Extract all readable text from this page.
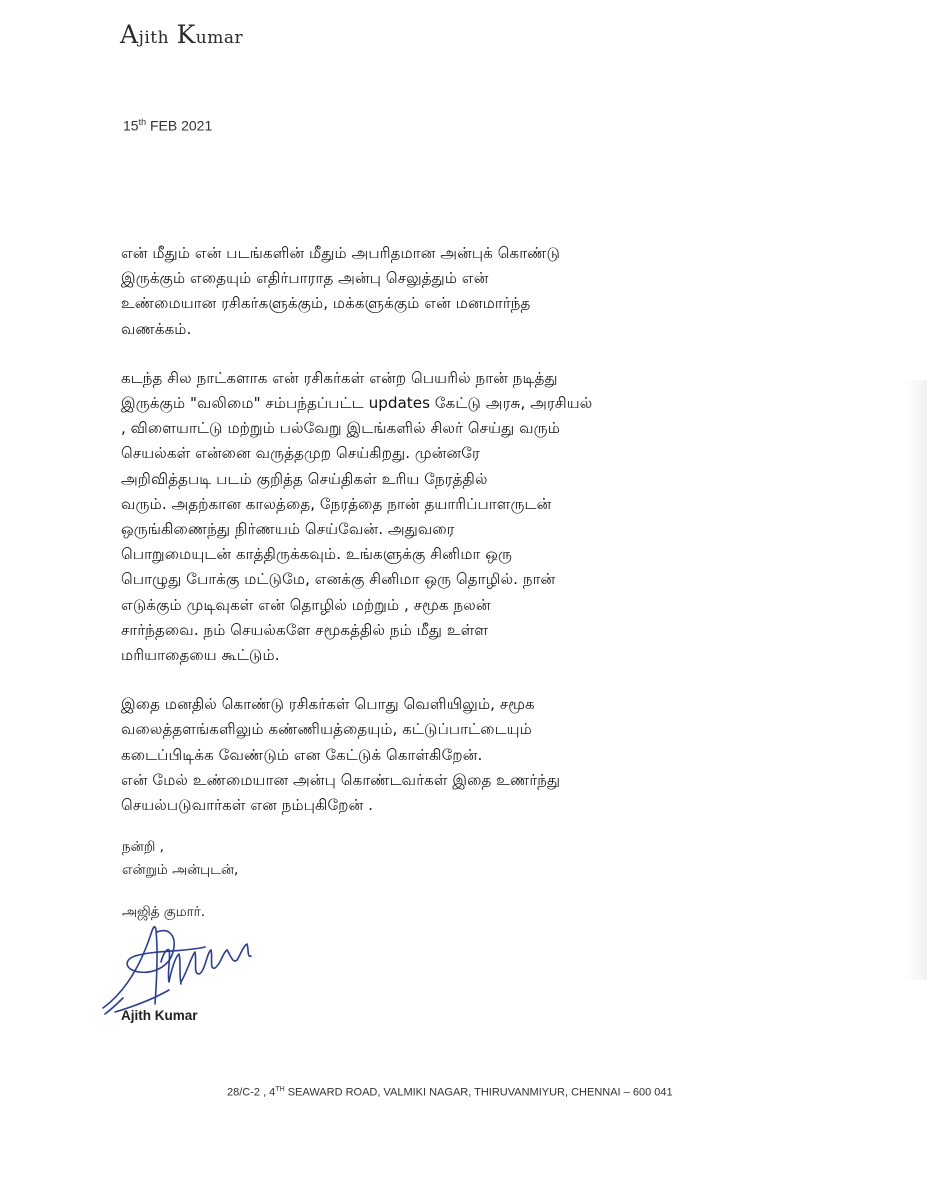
Ajith Kumar
15th FEB 2021
என் மீதும் என் படங்களின் மீதும் அபரிதமான அன்புக் கொண்டு
இருக்கும் எதையும் எதிர்பாராத அன்பு செலுத்தும் என்
உண்மையான ரசிகர்களுக்கும், மக்களுக்கும் என் மனமார்ந்த
வணக்கம்.
கடந்த சில நாட்களாக என் ரசிகர்கள் என்ற பெயரில் நான் நடித்து
இருக்கும் "வலிமை" சம்பந்தப்பட்ட updates கேட்டு அரசு, அரசியல்
, விளையாட்டு மற்றும் பல்வேறு இடங்களில் சிலர் செய்து வரும்
செயல்கள் என்னை வருத்தமுற செய்கிறது. முன்னரே
அறிவித்தபடி படம் குறித்த செய்திகள் உரிய நேரத்தில்
வரும். அதற்கான காலத்தை, நேரத்தை நான் தயாரிப்பாளருடன்
ஒருங்கிணைந்து நிர்ணயம் செய்வேன். அதுவரை
பொறுமையுடன் காத்திருக்கவும். உங்களுக்கு சினிமா ஒரு
பொழுது போக்கு மட்டுமே, எனக்கு சினிமா ஒரு தொழில். நான்
எடுக்கும் முடிவுகள் என் தொழில் மற்றும் , சமூக நலன்
சார்ந்தவை. நம் செயல்களே சமூகத்தில் நம் மீது உள்ள
மரியாதையை கூட்டும்.
இதை மனதில் கொண்டு ரசிகர்கள் பொது வெளியிலும், சமூக
வலைத்தளங்களிலும் கண்ணியத்தையும், கட்டுப்பாட்டையும்
கடைப்பிடிக்க வேண்டும் என கேட்டுக் கொள்கிறேன்.
என் மேல் உண்மையான அன்பு கொண்டவர்கள் இதை உணர்ந்து
செயல்படுவார்கள் என நம்புகிறேன் .
நன்றி ,
என்றும் அன்புடன்,
அஜித் குமார்.
Ajith Kumar
28/C-2 , 4TH SEAWARD ROAD, VALMIKI NAGAR, THIRUVANMIYUR, CHENNAI – 600 041
